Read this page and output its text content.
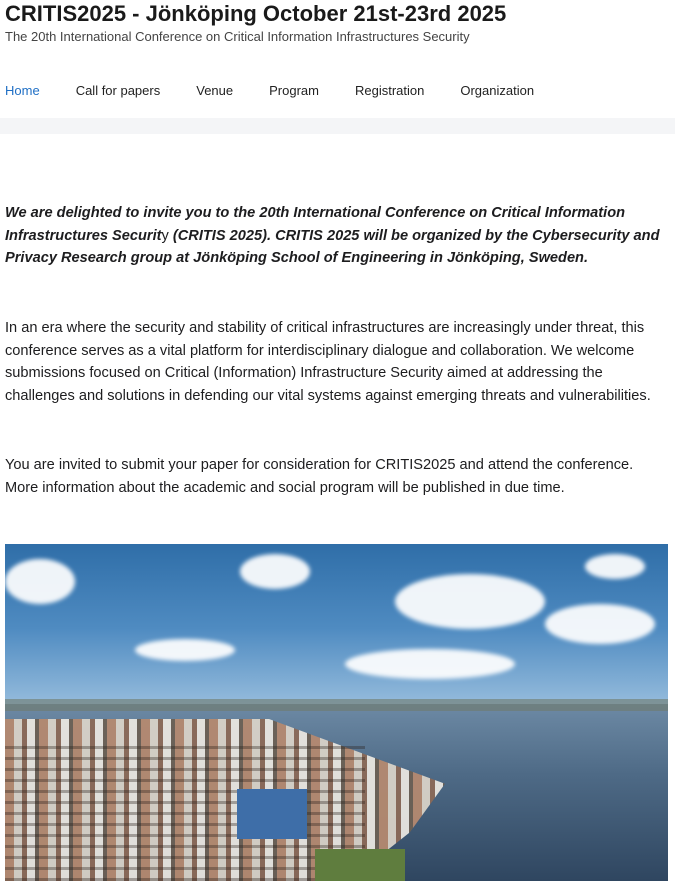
CRITIS2025 - Jönköping October 21st-23rd 2025
The 20th International Conference on Critical Information Infrastructures Security
Home	Call for papers	Venue	Program	Registration	Organization

We are delighted to invite you to the 20th International Conference on Critical Information Infrastructures Security (CRITIS 2025). CRITIS 2025 will be organized by the Cybersecurity and Privacy Research group at Jönköping School of Engineering in Jönköping, Sweden.

In an era where the security and stability of critical infrastructures are increasingly under threat, this conference serves as a vital platform for interdisciplinary dialogue and collaboration. We welcome submissions focused on Critical (Information) Infrastructure Security aimed at addressing the challenges and solutions in defending our vital systems against emerging threats and vulnerabilities.

You are invited to submit your paper for consideration for CRITIS2025 and attend the conference. More information about the academic and social program will be published in due time.
